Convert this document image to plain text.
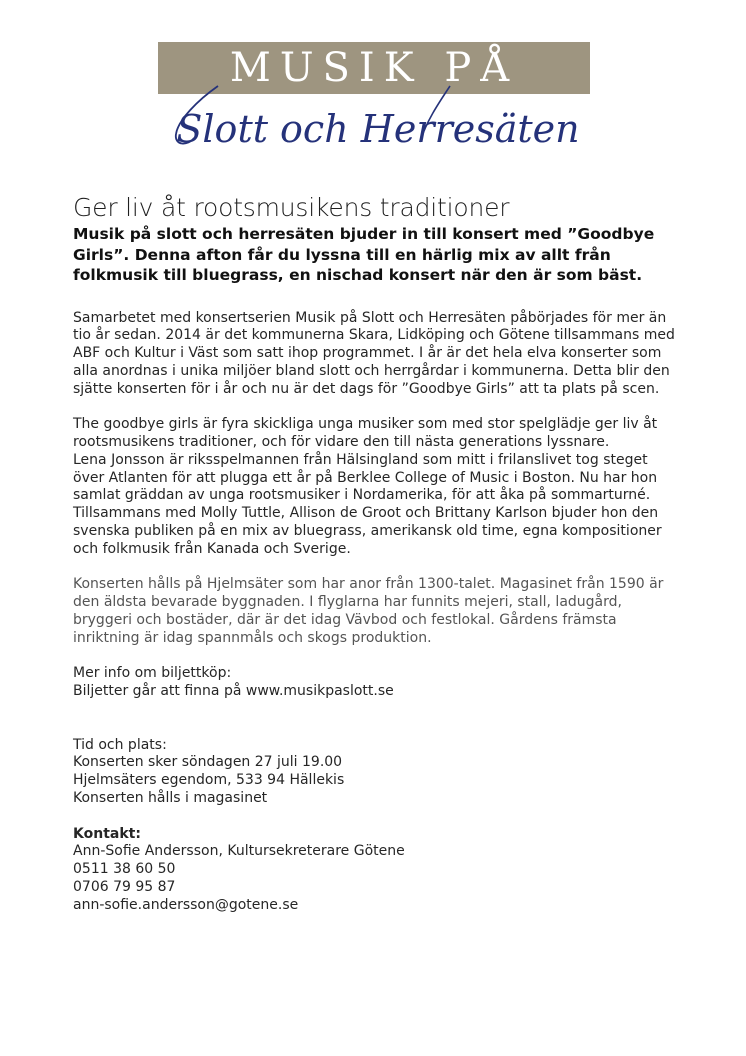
MUSIK PÅ
Slott och Herresäten
Ger liv åt rootsmusikens traditioner

Musik på slott och herresäten bjuder in till konsert med ”Goodbye Girls”. Denna afton får du lyssna till en härlig mix av allt från folkmusik till bluegrass, en nischad konsert när den är som bäst.

Samarbetet med konsertserien Musik på Slott och Herresäten påbörjades för mer än tio år sedan. 2014 är det kommunerna Skara, Lidköping och Götene tillsammans med ABF och Kultur i Väst som satt ihop programmet. I år är det hela elva konserter som alla anordnas i unika miljöer bland slott och herrgårdar i kommunerna. Detta blir den sjätte konserten för i år och nu är det dags för ”Goodbye Girls” att ta plats på scen.

The goodbye girls är fyra skickliga unga musiker som med stor spelglädje ger liv åt rootsmusikens traditioner, och för vidare den till nästa generations lyssnare.
Lena Jonsson är riksspelmannen från Hälsingland som mitt i frilanslivet tog steget över Atlanten för att plugga ett år på Berklee College of Music i Boston. Nu har hon samlat gräddan av unga rootsmusiker i Nordamerika, för att åka på sommarturné.
Tillsammans med Molly Tuttle, Allison de Groot och Brittany Karlson bjuder hon den svenska publiken på en mix av bluegrass, amerikansk old time, egna kompositioner och folkmusik från Kanada och Sverige.

Konserten hålls på Hjelmsäter som har anor från 1300-talet. Magasinet från 1590 är den äldsta bevarade byggnaden. I flyglarna har funnits mejeri, stall, ladugård, bryggeri och bostäder, där är det idag Vävbod och festlokal. Gårdens främsta inriktning är idag spannmåls och skogs produktion.

Mer info om biljettköp:
Biljetter går att finna på www.musikpaslott.se

Tid och plats:
Konserten sker söndagen 27 juli 19.00
Hjelmsäters egendom, 533 94 Hällekis
Konserten hålls i magasinet

Kontakt:
Ann-Sofie Andersson, Kultursekreterare Götene
0511 38 60 50
0706 79 95 87
ann-sofie.andersson@gotene.se
